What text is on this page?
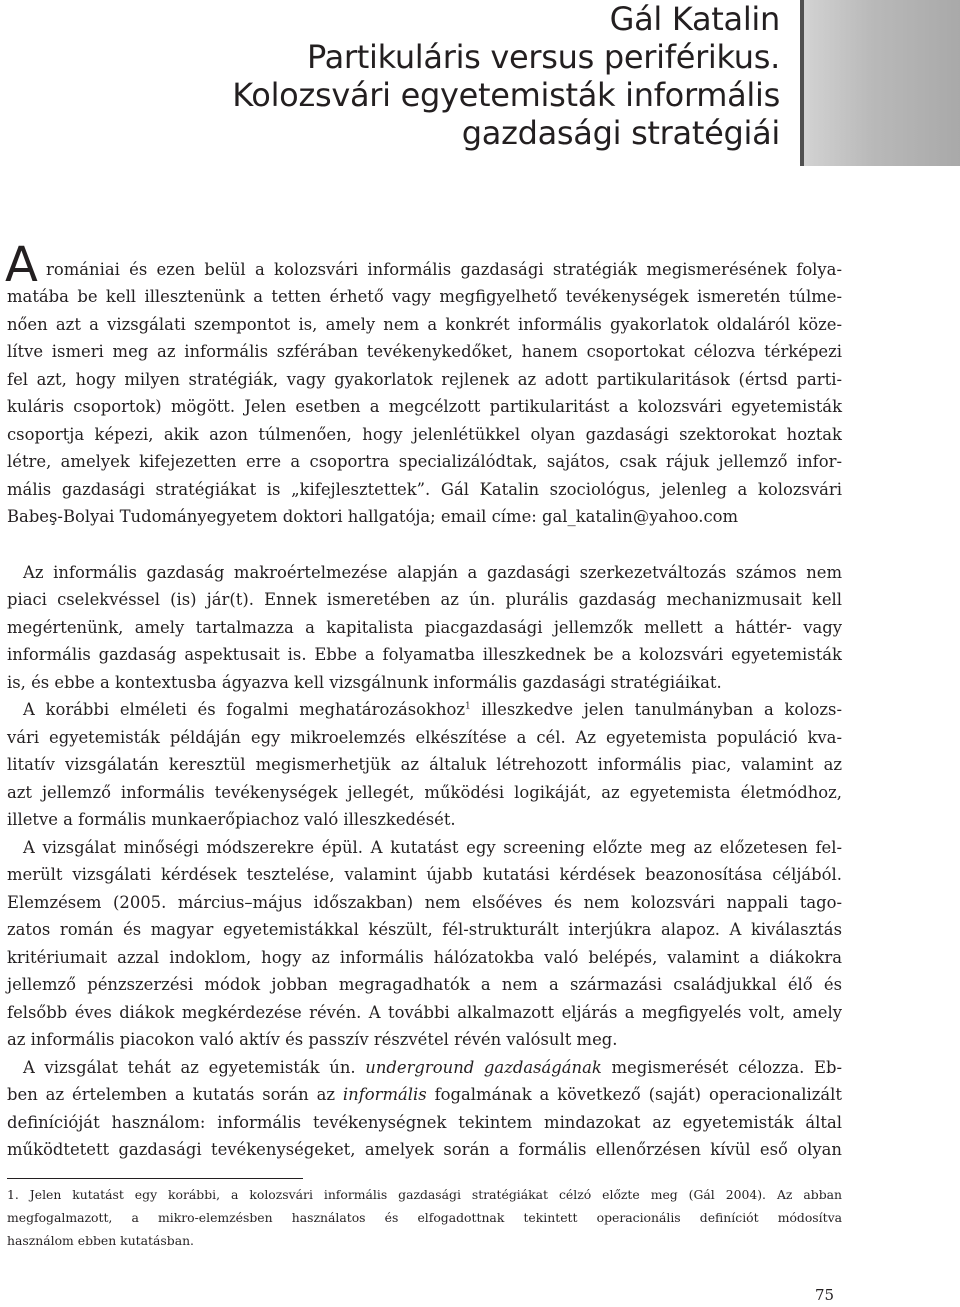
Gál Katalin
Partikuláris versus periférikus.
Kolozsvári egyetemisták informális
gazdasági stratégiái
A romániai és ezen belül a kolozsvári informális gazdasági stratégiák megismerésének folya-

matába be kell illesztenünk a tetten érhető vagy megfigyelhető tevékenységek ismeretén túlme-

nően azt a vizsgálati szempontot is, amely nem a konkrét informális gyakorlatok oldaláról köze-

lítve ismeri meg az informális szférában tevékenykedőket, hanem csoportokat célozva térképezi

fel azt, hogy milyen stratégiák, vagy gyakorlatok rejlenek az adott partikularitások (értsd parti-

kuláris csoportok) mögött. Jelen esetben a megcélzott partikularitást a kolozsvári egyetemisták

csoportja képezi, akik azon túlmenően, hogy jelenlétükkel olyan gazdasági szektorokat hoztak

létre, amelyek kifejezetten erre a csoportra specializálódtak, sajátos, csak rájuk jellemző infor-

mális gazdasági stratégiákat is „kifejlesztettek”. Gál Katalin szociológus, jelenleg a kolozsvári

Babeş-Bolyai Tudományegyetem doktori hallgatója; email címe: gal_katalin@yahoo.com

Az informális gazdaság makroértelmezése alapján a gazdasági szerkezetváltozás számos nem

piaci cselekvéssel (is) jár(t). Ennek ismeretében az ún. plurális gazdaság mechanizmusait kell

megértenünk, amely tartalmazza a kapitalista piacgazdasági jellemzők mellett a háttér- vagy

informális gazdaság aspektusait is. Ebbe a folyamatba illeszkednek be a kolozsvári egyetemisták

is, és ebbe a kontextusba ágyazva kell vizsgálnunk informális gazdasági stratégiáikat.

A korábbi elméleti és fogalmi meghatározásokhoz$^1$ illeszkedve jelen tanulmányban a kolozs-

vári egyetemisták példáján egy mikroelemzés elkészítése a cél. Az egyetemista populáció kva-

litatív vizsgálatán keresztül megismerhetjük az általuk létrehozott informális piac, valamint az

azt jellemző informális tevékenységek jellegét, működési logikáját, az egyetemista életmódhoz,

illetve a formális munkaerőpiachoz való illeszkedését.

A vizsgálat minőségi módszerekre épül. A kutatást egy screening előzte meg az előzetesen fel-

merült vizsgálati kérdések tesztelése, valamint újabb kutatási kérdések beazonosítása céljából.

Elemzésem (2005. március–május időszakban) nem elsőéves és nem kolozsvári nappali tago-

zatos román és magyar egyetemistákkal készült, fél-strukturált interjúkra alapoz. A kiválasztás

kritériumait azzal indoklom, hogy az informális hálózatokba való belépés, valamint a diákokra

jellemző pénzszerzési módok jobban megragadhatók a nem a származási családjukkal élő és

felsőbb éves diákok megkérdezése révén. A további alkalmazott eljárás a megfigyelés volt, amely

az informális piacokon való aktív és passzív részvétel révén valósult meg.

A vizsgálat tehát az egyetemisták ún. underground gazdaságának megismerését célozza. Eb-

ben az értelemben a kutatás során az informális fogalmának a következő (saját) operacionalizált

definícióját használom: informális tevékenységnek tekintem mindazokat az egyetemisták által

működtetett gazdasági tevékenységeket, amelyek során a formális ellenőrzésen kívül eső olyan

1. Jelen kutatást egy korábbi, a kolozsvári informális gazdasági stratégiákat célzó előzte meg (Gál 2004). Az abban

megfogalmazott, a mikro-elemzésben használatos és elfogadottnak tekintett operacionális definíciót módosítva

használom ebben kutatásban.

75
